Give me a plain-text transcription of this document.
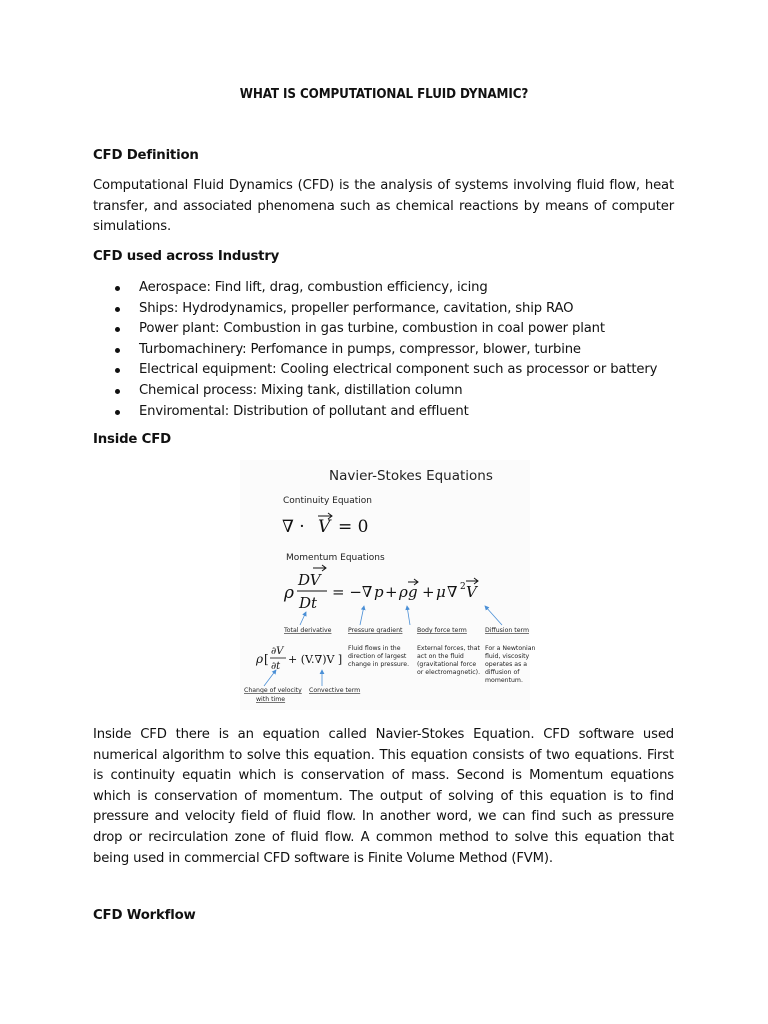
WHAT IS COMPUTATIONAL FLUID DYNAMIC?
CFD Definition
Computational Fluid Dynamics (CFD) is the analysis of systems involving fluid flow, heat transfer, and associated phenomena such as chemical reactions by means of computer simulations.
CFD used across Industry
Aerospace: Find lift, drag, combustion efficiency, icing
Ships: Hydrodynamics, propeller performance, cavitation, ship RAO
Power plant: Combustion in gas turbine, combustion in coal power plant
Turbomachinery: Perfomance in pumps, compressor, blower, turbine
Electrical equipment: Cooling electrical component such as processor or battery
Chemical process: Mixing tank, distillation column
Enviromental: Distribution of pollutant and effluent
Inside CFD
Navier-Stokes Equations
Continuity Equation
∇ · V = 0
Momentum Equations
ρ
DV
Dt
= −∇ p + ρ g + μ ∇ 2 V
Total derivative	Pressure gradient
Fluid flows in the
direction of largest
change in pressure.
Body force term
External forces, that
act on the fluid
(gravitational force
or electromagnetic).
Diffusion term
For a Newtonian
fluid, viscosity
operates as a
diffusion of
momentum.
Change of velocity
with time
Convective term
ρ [
∂V
∂t
+ (V.∇)V ]
Inside CFD there is an equation called Navier-Stokes Equation. CFD software used numerical algorithm to solve this equation. This equation consists of two equations. First is continuity equatin which is conservation of mass. Second is Momentum equations which is conservation of momentum. The output of solving of this equation is to find pressure and velocity field of fluid flow. In another word, we can find such as pressure drop or recirculation zone of fluid flow. A common method to solve this equation that being used in commercial CFD software is Finite Volume Method (FVM).
CFD Workflow
